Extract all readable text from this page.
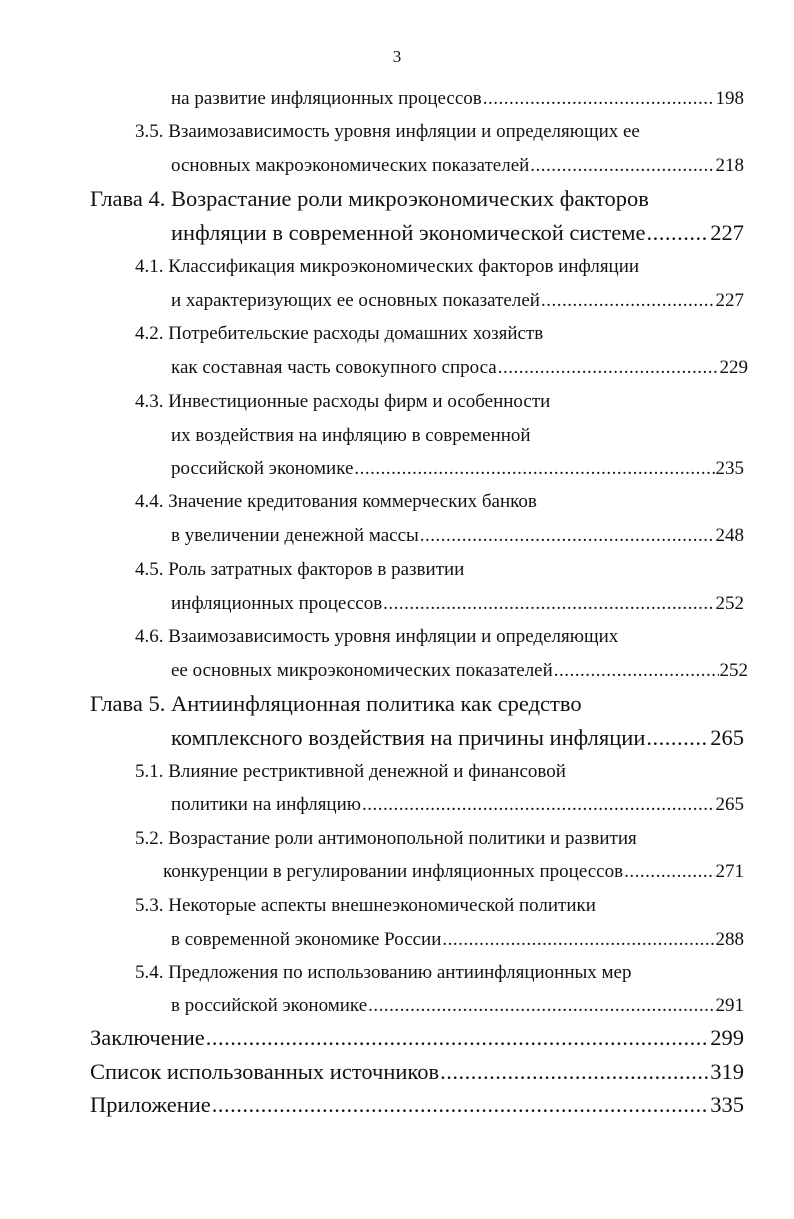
3
на развитие инфляционных процессов .....	198
3.5. Взаимозависимость уровня инфляции и определяющих ее
основных макроэкономических показателей .....	218
Глава 4. Возрастание роли микроэкономических факторов
инфляции в современной экономической системе .....	227
4.1. Классификация микроэкономических факторов инфляции
и характеризующих ее основных показателей .....	227
4.2. Потребительские расходы домашних хозяйств
как составная часть совокупного спроса .....	229
4.3. Инвестиционные расходы фирм и особенности
их воздействия на инфляцию в современной
российской экономике .....	235
4.4. Значение кредитования коммерческих банков
в увеличении денежной массы .....	248
4.5. Роль затратных факторов в развитии
инфляционных процессов .....	252
4.6. Взаимозависимость уровня инфляции и определяющих
ее основных микроэкономических показателей .....	252
Глава 5. Антиинфляционная политика как средство
комплексного воздействия на причины инфляции .....	265
5.1. Влияние рестриктивной денежной и финансовой
политики на инфляцию .....	265
5.2. Возрастание роли антимонопольной политики и развития
конкуренции в регулировании инфляционных процессов .....	271
5.3. Некоторые аспекты внешнеэкономической политики
в современной экономике России .....	288
5.4. Предложения по использованию антиинфляционных мер
в российской экономике .....	291
Заключение .....	299
Список использованных источников .....	319
Приложение .....	335
